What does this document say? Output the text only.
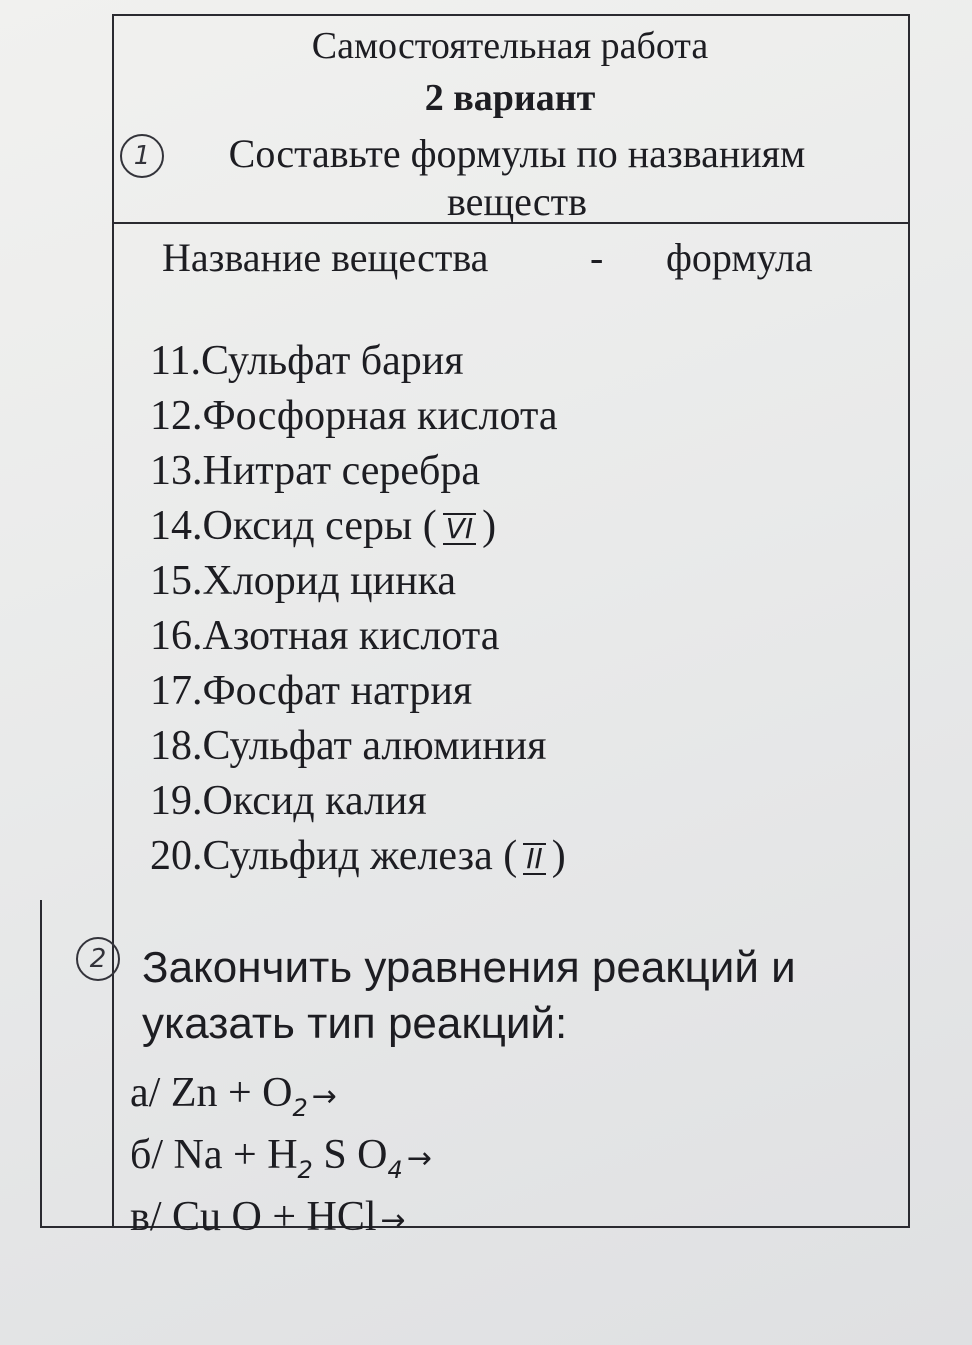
Самостоятельная работа
2 вариант
1	Составьте формулы по названиям веществ
Название вещества	- формула
11.Сульфат бария
12.Фосфорная кислота
13.Нитрат серебра
14.Оксид серы ( VI )
15.Хлорид цинка
16.Азотная кислота
17.Фосфат натрия
18.Сульфат алюминия
19.Оксид калия
20.Сульфид железа ( II )
2 Закончить уравнения реакций и указать тип реакций:
а/ $Zn + O_2$ →
б/ $Na + H_2$ S $O_4$ →
в/ Cu O + HCl →
